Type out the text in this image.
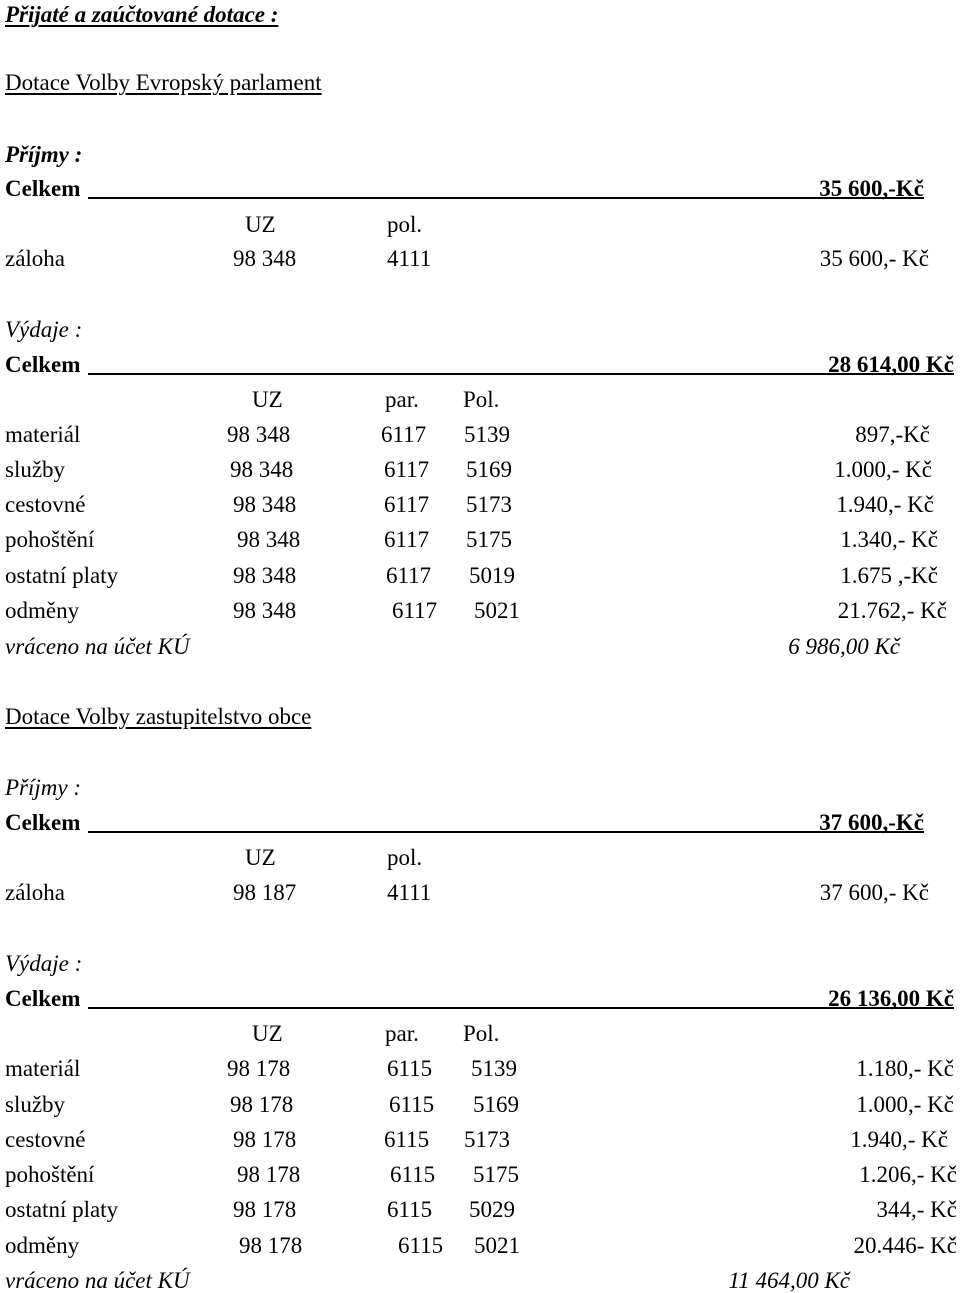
Přijaté a zaúčtované dotace :
Dotace Volby Evropský parlament
Příjmy :
Celkem	35 600,-Kč
UZ	pol.
záloha	98 348	4111	35 600,- Kč
Výdaje :
Celkem	28 614,00 Kč
UZ	par. Pol.
materiál	98 348	6117 5139	897,-Kč
služby	98 348	6117 5169	1.000,- Kč
cestovné	98 348	6117 5173	1.940,- Kč
pohoštění	98 348	6117 5175	1.340,- Kč
ostatní platy	98 348	6117 5019	1.675 ,-Kč
odměny	98 348	6117 5021	21.762,- Kč
vráceno na účet KÚ	6 986,00 Kč
Dotace Volby zastupitelstvo obce
Příjmy :
Celkem	37 600,-Kč
UZ	pol.
záloha	98 187	4111	37 600,- Kč
Výdaje :
Celkem	26 136,00 Kč
UZ	par. Pol.
materiál	98 178	6115 5139	1.180,- Kč
služby	98 178	6115 5169	1.000,- Kč
cestovné	98 178	6115 5173	1.940,- Kč
pohoštění	98 178	6115 5175	1.206,- Kč
ostatní platy	98 178	6115 5029	344,- Kč
odměny	98 178	6115 5021	20.446- Kč
vráceno na účet KÚ	11 464,00 Kč
